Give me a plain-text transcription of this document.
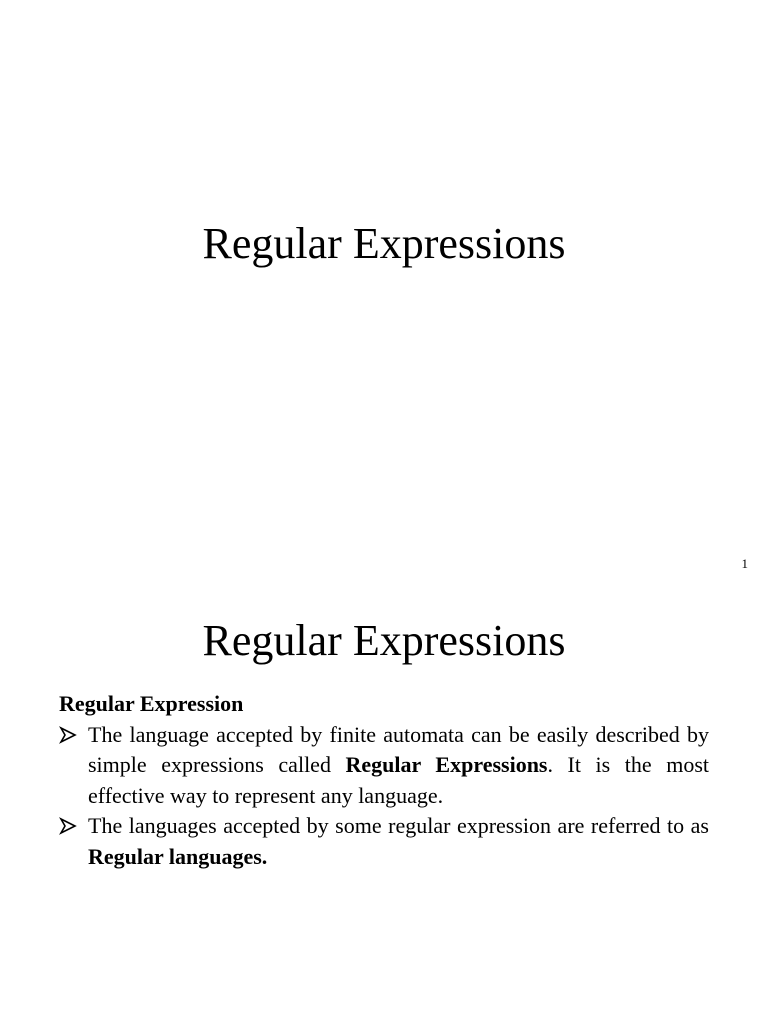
Regular Expressions
1
Regular Expressions

Regular Expression

The language accepted by finite automata can be easily described by simple expressions called Regular Expressions. It is the most effective way to represent any language.
The languages accepted by some regular expression are referred to as Regular languages.
